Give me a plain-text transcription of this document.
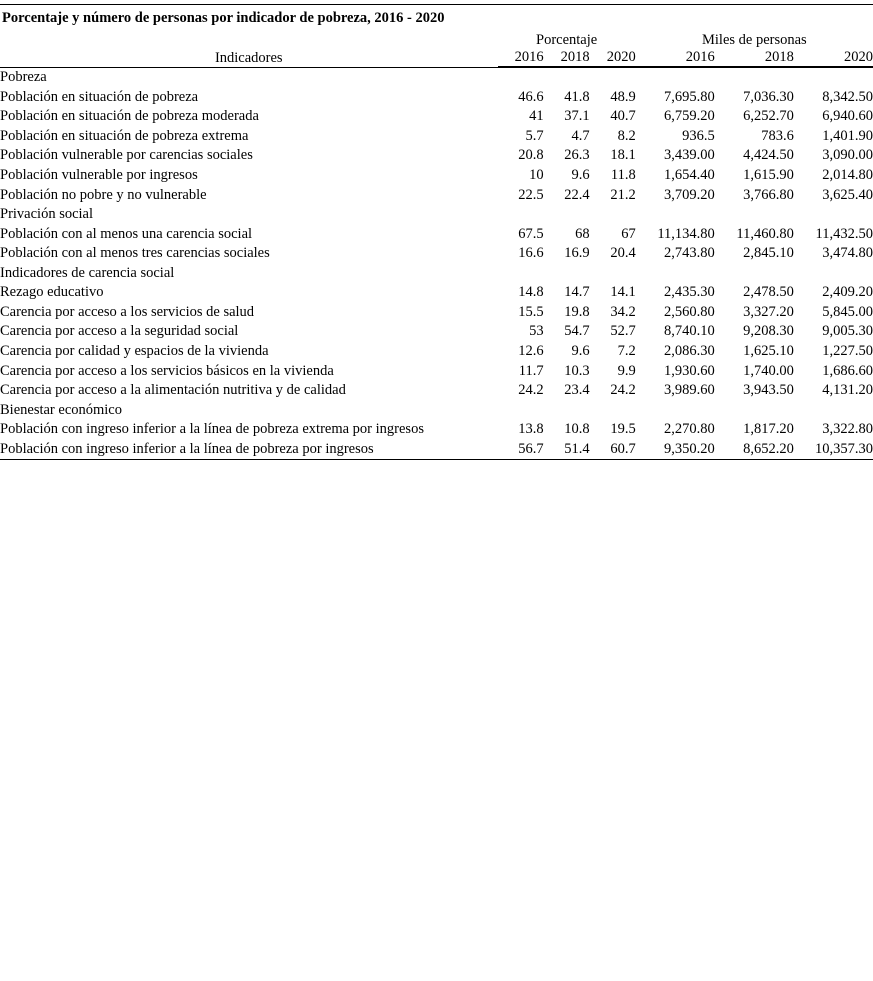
Porcentaje y número de personas por indicador de pobreza, 2016 - 2020
Indicadores	Porcentaje			Miles de personas		
	2016	2018	2020	2016	2018	2020

Pobreza						
Población en situación de pobreza	46.6	41.8	48.9	7,695.80	7,036.30	8,342.50
Población en situación de pobreza moderada	41	37.1	40.7	6,759.20	6,252.70	6,940.60
Población en situación de pobreza extrema	5.7	4.7	8.2	936.5	783.6	1,401.90
Población vulnerable por carencias sociales	20.8	26.3	18.1	3,439.00	4,424.50	3,090.00
Población vulnerable por ingresos	10	9.6	11.8	1,654.40	1,615.90	2,014.80
Población no pobre y no vulnerable	22.5	22.4	21.2	3,709.20	3,766.80	3,625.40
Privación social						
Población con al menos una carencia social	67.5	68	67	11,134.80	11,460.80	11,432.50
Población con al menos tres carencias sociales	16.6	16.9	20.4	2,743.80	2,845.10	3,474.80
Indicadores de carencia social						
Rezago educativo	14.8	14.7	14.1	2,435.30	2,478.50	2,409.20
Carencia por acceso a los servicios de salud	15.5	19.8	34.2	2,560.80	3,327.20	5,845.00
Carencia por acceso a la seguridad social	53	54.7	52.7	8,740.10	9,208.30	9,005.30
Carencia por calidad y espacios de la vivienda	12.6	9.6	7.2	2,086.30	1,625.10	1,227.50
Carencia por acceso a los servicios básicos en la vivienda	11.7	10.3	9.9	1,930.60	1,740.00	1,686.60
Carencia por acceso a la alimentación nutritiva y de calidad	24.2	23.4	24.2	3,989.60	3,943.50	4,131.20
Bienestar económico						
Población con ingreso inferior a la línea de pobreza extrema por ingresos	13.8	10.8	19.5	2,270.80	1,817.20	3,322.80
Población con ingreso inferior a la línea de pobreza por ingresos	56.7	51.4	60.7	9,350.20	8,652.20	10,357.30
